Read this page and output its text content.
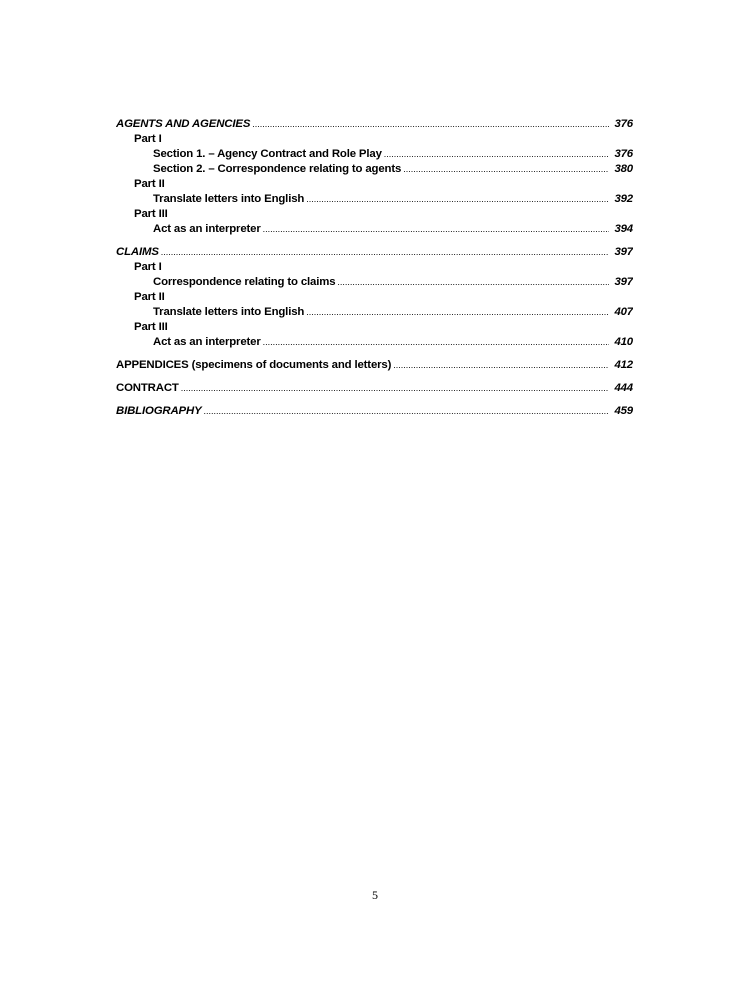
AGENTS AND AGENCIES .....	376
Part I
Section 1. – Agency Contract and Role Play .....	376
Section 2. – Correspondence relating to agents .....	380
Part II
Translate letters into English .....	392
Part III
Act as an interpreter .....	394
CLAIMS .....	397
Part I
Correspondence relating to claims .....	397
Part II
Translate letters into English .....	407
Part III
Act as an interpreter .....	410
APPENDICES (specimens of documents and letters) .....	412
CONTRACT .....	444
BIBLIOGRAPHY .....	459
5
